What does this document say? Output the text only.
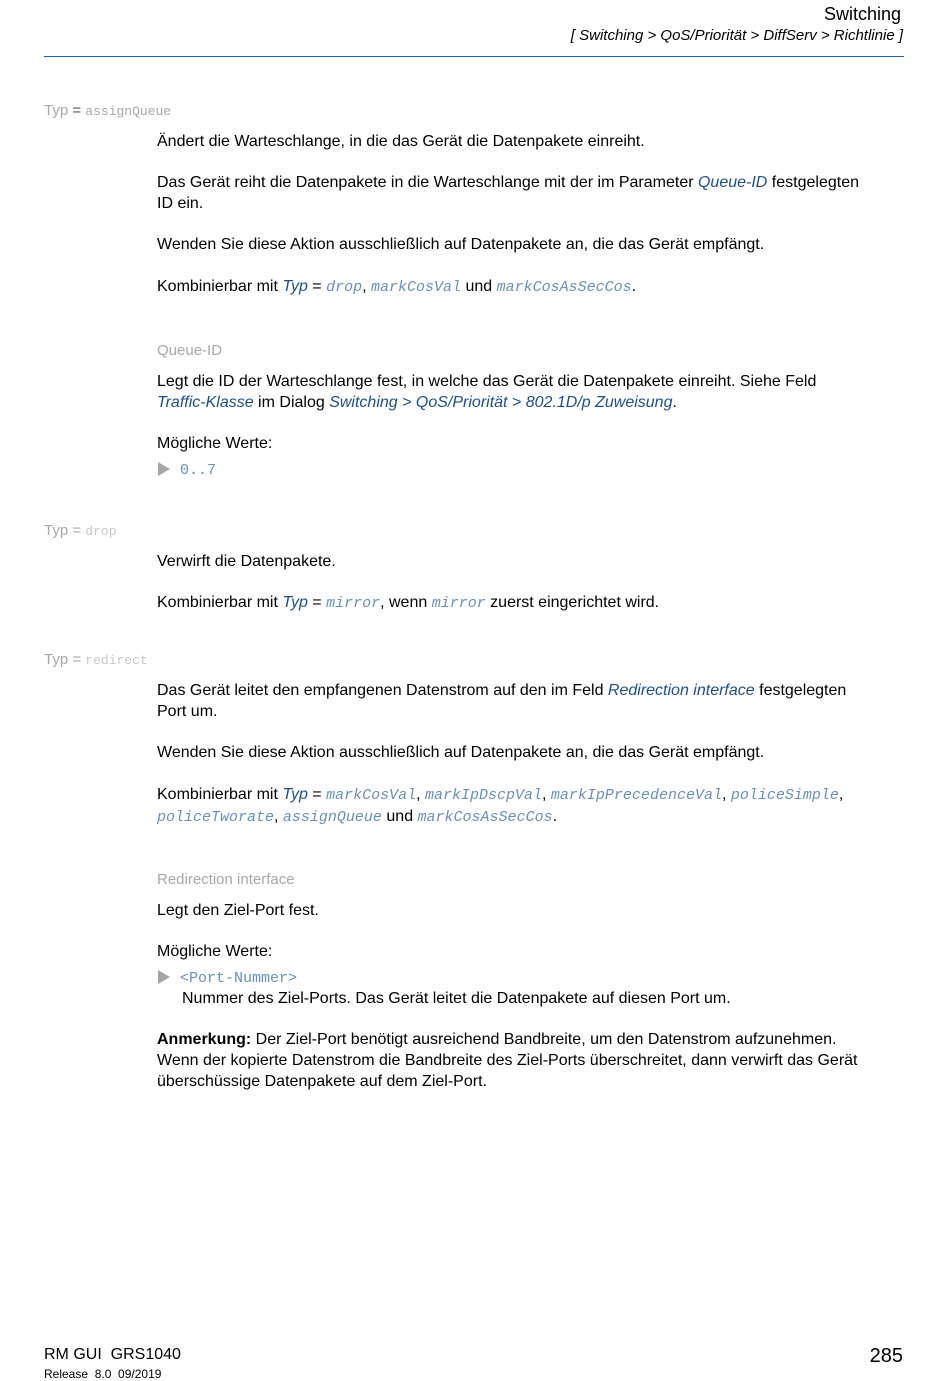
Switching
[ Switching > QoS/Priorität > DiffServ > Richtlinie ]
Typ = assignQueue
Ändert die Warteschlange, in die das Gerät die Datenpakete einreiht.
Das Gerät reiht die Datenpakete in die Warteschlange mit der im Parameter Queue-ID festgelegten
ID ein.
Wenden Sie diese Aktion ausschließlich auf Datenpakete an, die das Gerät empfängt.
Kombinierbar mit Typ = drop, markCosVal und markCosAsSecCos.
Queue-ID
Legt die ID der Warteschlange fest, in welche das Gerät die Datenpakete einreiht. Siehe Feld
Traffic-Klasse im Dialog Switching > QoS/Priorität > 802.1D/p Zuweisung.
Mögliche Werte:
0..7
Typ = drop
Verwirft die Datenpakete.
Kombinierbar mit Typ = mirror, wenn mirror zuerst eingerichtet wird.
Typ = redirect
Das Gerät leitet den empfangenen Datenstrom auf den im Feld Redirection interface festgelegten
Port um.
Wenden Sie diese Aktion ausschließlich auf Datenpakete an, die das Gerät empfängt.
Kombinierbar mit Typ = markCosVal, markIpDscpVal, markIpPrecedenceVal, policeSimple,
policeTworate, assignQueue und markCosAsSecCos.
Redirection interface
Legt den Ziel-Port fest.
Mögliche Werte:
<Port-Nummer>
Nummer des Ziel-Ports. Das Gerät leitet die Datenpakete auf diesen Port um.
Anmerkung: Der Ziel-Port benötigt ausreichend Bandbreite, um den Datenstrom aufzunehmen.
Wenn der kopierte Datenstrom die Bandbreite des Ziel-Ports überschreitet, dann verwirft das Gerät
überschüssige Datenpakete auf dem Ziel-Port.
RM GUI  GRS1040
Release  8.0  09/2019
285
